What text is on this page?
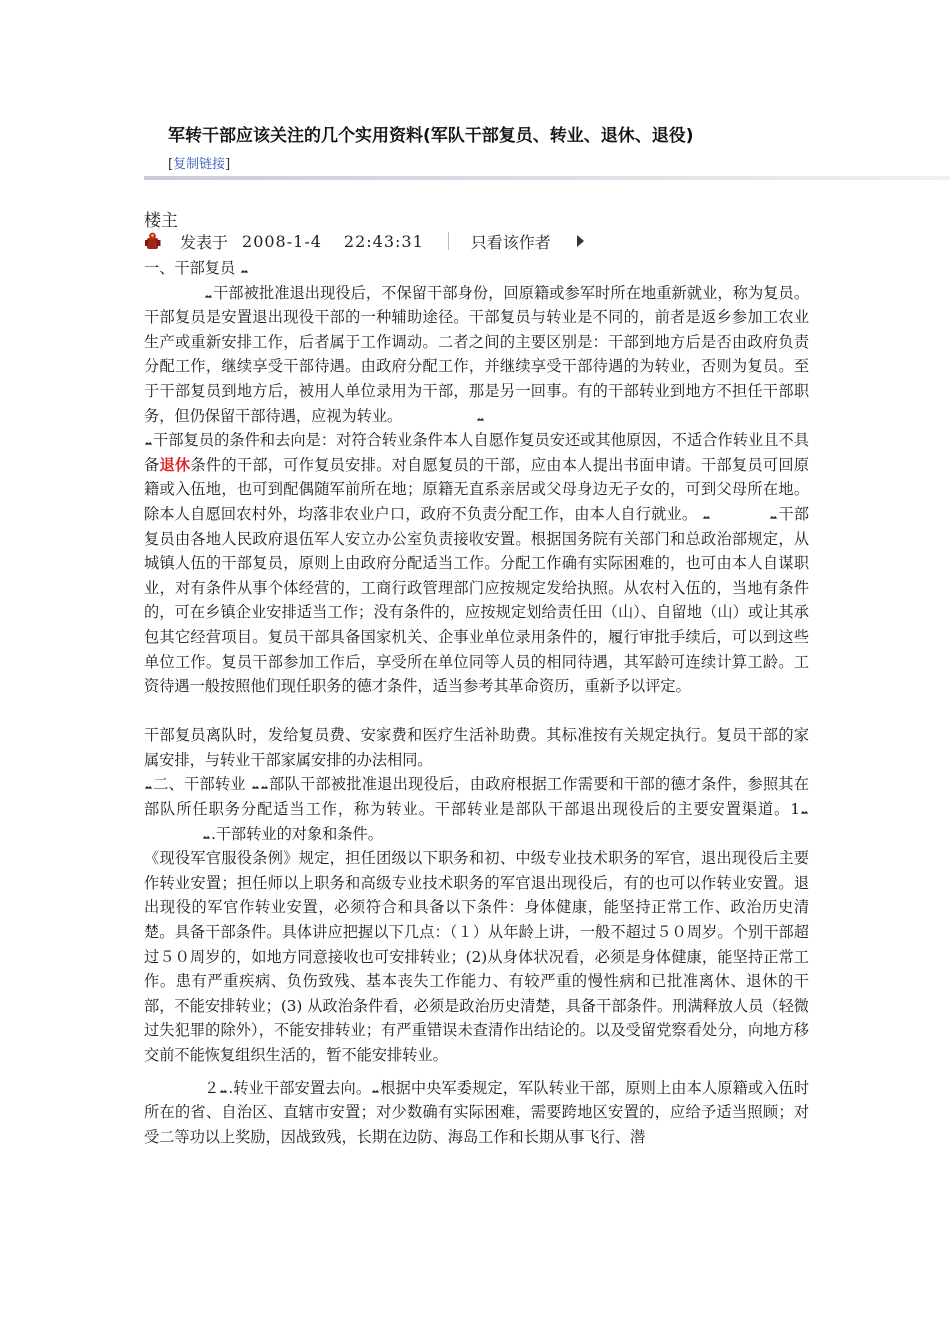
军转干部应该关注的几个实用资料(军队干部复员、转业、退休、退役)
[复制链接]
楼主
发表于 2008-1-4 22:43:31	只看该作者

一、干部复员

干部被批准退出现役后，不保留干部身份，回原籍或参军时所在地重新就业，称为复员。干部复员是安置退出现役干部的一种辅助途径。干部复员与转业是不同的，前者是返乡参加工农业生产或重新安排工作，后者属于工作调动。二者之间的主要区别是：干部到地方后是否由政府负责分配工作，继续享受干部待遇。由政府分配工作，并继续享受干部待遇的为转业，否则为复员。至于干部复员到地方后，被用人单位录用为干部，那是另一回事。有的干部转业到地方不担任干部职务，但仍保留干部待遇，应视为转业。

干部复员的条件和去向是：对符合转业条件本人自愿作复员安还或其他原因，不适合作转业且不具备退休条件的干部，可作复员安排。对自愿复员的干部，应由本人提出书面申请。干部复员可回原籍或入伍地，也可到配偶随军前所在地；原籍无直系亲居或父母身边无子女的，可到父母所在地。除本人自愿回农村外，均落非农业户口，政府不负责分配工作，由本人自行就业。	干部复员由各地人民政府退伍军人安立办公室负责接收安置。根据国务院有关部门和总政治部规定，从城镇人伍的干部复员，原则上由政府分配适当工作。分配工作确有实际困难的，也可由本人自谋职业，对有条件从事个体经营的，工商行政管理部门应按规定发给执照。从农村入伍的，当地有条件的，可在乡镇企业安排适当工作；没有条件的，应按规定划给责任田（山）、自留地（山）或让其承包其它经营项目。复员干部具备国家机关、企事业单位录用条件的，履行审批手续后，可以到这些单位工作。复员干部参加工作后，享受所在单位同等人员的相同待遇，其军龄可连续计算工龄。工资待遇一般按照他们现任职务的德才条件，适当参考其革命资历，重新予以评定。

干部复员离队时，发给复员费、安家费和医疗生活补助费。其标准按有关规定执行。复员干部的家属安排，与转业干部家属安排的办法相同。

二、干部转业 部队干部被批准退出现役后，由政府根据工作需要和干部的德才条件，参照其在部队所任职务分配适当工作，称为转业。干部转业是部队干部退出现役后的主要安置渠道。1.干部转业的对象和条件。

《现役军官服役条例》规定，担任团级以下职务和初、中级专业技术职务的军官，退出现役后主要作转业安置；担任师以上职务和高级专业技术职务的军官退出现役后，有的也可以作转业安置。退出现役的军官作转业安置，必须符合和具备以下条件：身体健康，能坚持正常工作、政治历史清楚。具备干部条件。具体讲应把握以下几点：（１）从年龄上讲，一般不超过５０周岁。个别干部超过５０周岁的，如地方同意接收也可安排转业；(2)从身体状况看，必须是身体健康，能坚持正常工作。患有严重疾病、负伤致残、基本丧失工作能力、有较严重的慢性病和已批准离休、退休的干部，不能安排转业；(3) 从政治条件看，必须是政治历史清楚，具备干部条件。刑满释放人员（轻微过失犯罪的除外），不能安排转业；有严重错误未查清作出结论的。以及受留党察看处分，向地方移交前不能恢复组织生活的，暂不能安排转业。

２ .转业干部安置去向。 根据中央军委规定，军队转业干部，原则上由本人原籍或入伍时所在的省、自治区、直辖市安置；对少数确有实际困难，需要跨地区安置的，应给予适当照顾；对受二等功以上奖励，因战致残，长期在边防、海岛工作和长期从事飞行、潜
